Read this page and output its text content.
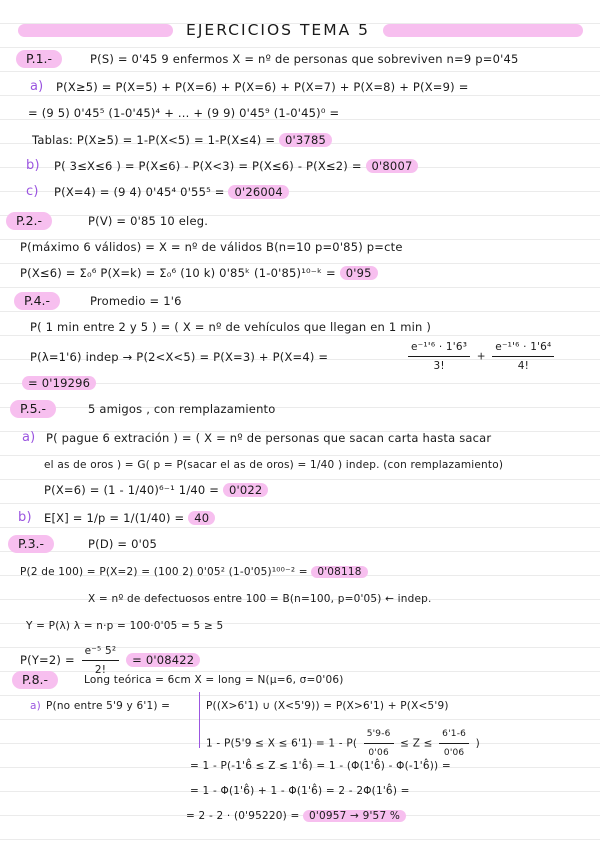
EJERCICIOS TEMA 5
P.1.-	P(S) = 0'45 9 enfermos X = nº de personas que sobreviven n=9 p=0'45
a) P(X≥5) = P(X=5) + P(X=6) + P(X=6) + P(X=7) + P(X=8) + P(X=9) =
= (9 5) 0'45⁵ (1-0'45)⁴ + ... + (9 9) 0'45⁹ (1-0'45)⁰ =
Tablas: P(X≥5) = 1-P(X<5) = 1-P(X≤4) = 0'3785
b) P( 3≤X≤6 ) = P(X≤6) - P(X<3) = P(X≤6) - P(X≤2) = 0'8007
c) P(X=4) = (9 4) 0'45⁴ 0'55⁵ = 0'26004
P.2.-	P(V) = 0'85 10 eleg.
P(máximo 6 válidos) = X = nº de válidos B(n=10 p=0'85) p=cte
P(X≤6) = Σ₀⁶ P(X=k) = Σ₀⁶ (10 k) 0'85ᵏ (1-0'85)¹⁰⁻ᵏ = 0'95
P.4.-	Promedio = 1'6
P( 1 min entre 2 y 5 ) = ( X = nº de vehículos que llegan en 1 min )
P(λ=1'6) indep → P(2<X<5) = P(X=3) + P(X=4) =	$\frac{\text{e⁻¹'⁶ · 1'6³}}{3!} + \frac{\text{e⁻¹'⁶ · 1'6⁴}}{4!}$
= 0'19296
P.5.-	5 amigos , con remplazamiento
a) P( pague 6 extración ) = ( X = nº de personas que sacan carta hasta sacar
el as de oros ) = G( p = P(sacar el as de oros) = 1/40 ) indep. (con remplazamiento)
P(X=6) = (1 - 1/40)⁶⁻¹ 1/40 = 0'022
b) E[X] = 1/p = 1/(1/40) = 40
P.3.-	P(D) = 0'05
P(2 de 100) = P(X=2) = (100 2) 0'05² (1-0'05)¹⁰⁰⁻² = 0'08118
X = nº de defectuosos entre 100 = B(n=100, p=0'05) ← indep.
Y = P(λ) λ = n·p = 100·0'05 = 5 ≥ 5
$P(Y=2) = \frac{\text{e⁻⁵ 5²}}{2!} = 0'08422$
P.8.-	Long teórica = 6cm X = long = N(μ=6, σ=0'06)
a) P(no entre 5'9 y 6'1) =	P((X>6'1) ∪ (X<5'9)) = P(X>6'1) + P(X<5'9)
$1 - P(5'9 \le X \le 6'1) = 1 - P( \frac{5'9-6}{0'06} \le Z \le \frac{6'1-6}{0'06}$ )
= 1 - P(-1'6̂ ≤ Z ≤ 1'6̂) = 1 - (Φ(1'6̂) - Φ(-1'6̂)) =
= 1 - Φ(1'6̂) + 1 - Φ(1'6̂) = 2 - 2Φ(1'6̂) =
= 2 - 2 · (0'95220) = 0'0957 → 9'57 %
